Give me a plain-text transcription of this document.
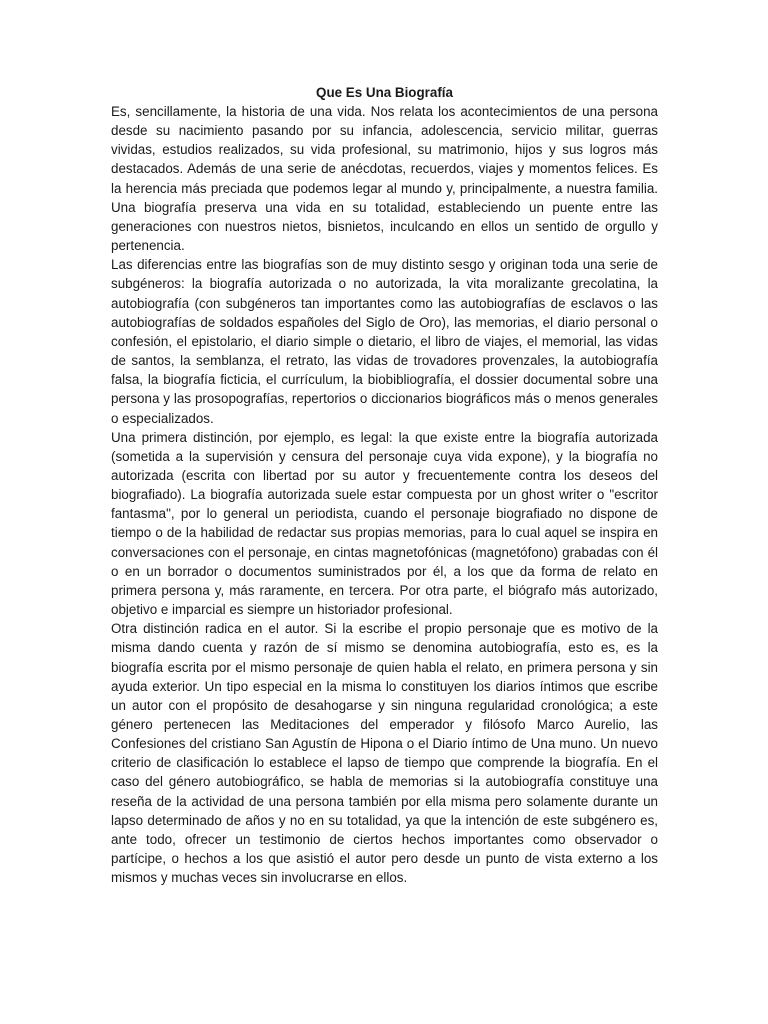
Que Es Una Biografía

Es, sencillamente, la historia de una vida. Nos relata los acontecimientos de una persona desde su nacimiento pasando por su infancia, adolescencia, servicio militar, guerras vividas, estudios realizados, su vida profesional, su matrimonio, hijos y sus logros más destacados. Además de una serie de anécdotas, recuerdos, viajes y momentos felices. Es la herencia más preciada que podemos legar al mundo y, principalmente, a nuestra familia. Una biografía preserva una vida en su totalidad, estableciendo un puente entre las generaciones con nuestros nietos, bisnietos, inculcando en ellos un sentido de orgullo y pertenencia.

Las diferencias entre las biografías son de muy distinto sesgo y originan toda una serie de subgéneros: la biografía autorizada o no autorizada, la vita moralizante grecolatina, la autobiografía (con subgéneros tan importantes como las autobiografías de esclavos o las autobiografías de soldados españoles del Siglo de Oro), las memorias, el diario personal o confesión, el epistolario, el diario simple o dietario, el libro de viajes, el memorial, las vidas de santos, la semblanza, el retrato, las vidas de trovadores provenzales, la autobiografía falsa, la biografía ficticia, el currículum, la biobibliografía, el dossier documental sobre una persona y las prosopografías, repertorios o diccionarios biográficos más o menos generales o especializados.

Una primera distinción, por ejemplo, es legal: la que existe entre la biografía autorizada (sometida a la supervisión y censura del personaje cuya vida expone), y la biografía no autorizada (escrita con libertad por su autor y frecuentemente contra los deseos del biografiado). La biografía autorizada suele estar compuesta por un ghost writer o "escritor fantasma", por lo general un periodista, cuando el personaje biografiado no dispone de tiempo o de la habilidad de redactar sus propias memorias, para lo cual aquel se inspira en conversaciones con el personaje, en cintas magnetofónicas (magnetófono) grabadas con él o en un borrador o documentos suministrados por él, a los que da forma de relato en primera persona y, más raramente, en tercera. Por otra parte, el biógrafo más autorizado, objetivo e imparcial es siempre un historiador profesional.

Otra distinción radica en el autor. Si la escribe el propio personaje que es motivo de la misma dando cuenta y razón de sí mismo se denomina autobiografía, esto es, es la biografía escrita por el mismo personaje de quien habla el relato, en primera persona y sin ayuda exterior. Un tipo especial en la misma lo constituyen los diarios íntimos que escribe un autor con el propósito de desahogarse y sin ninguna regularidad cronológica; a este género pertenecen las Meditaciones del emperador y filósofo Marco Aurelio, las Confesiones del cristiano San Agustín de Hipona o el Diario íntimo de Una muno. Un nuevo criterio de clasificación lo establece el lapso de tiempo que comprende la biografía. En el caso del género autobiográfico, se habla de memorias si la autobiografía constituye una reseña de la actividad de una persona también por ella misma pero solamente durante un lapso determinado de años y no en su totalidad, ya que la intención de este subgénero es, ante todo, ofrecer un testimonio de ciertos hechos importantes como observador o partícipe, o hechos a los que asistió el autor pero desde un punto de vista externo a los mismos y muchas veces sin involucrarse en ellos.
